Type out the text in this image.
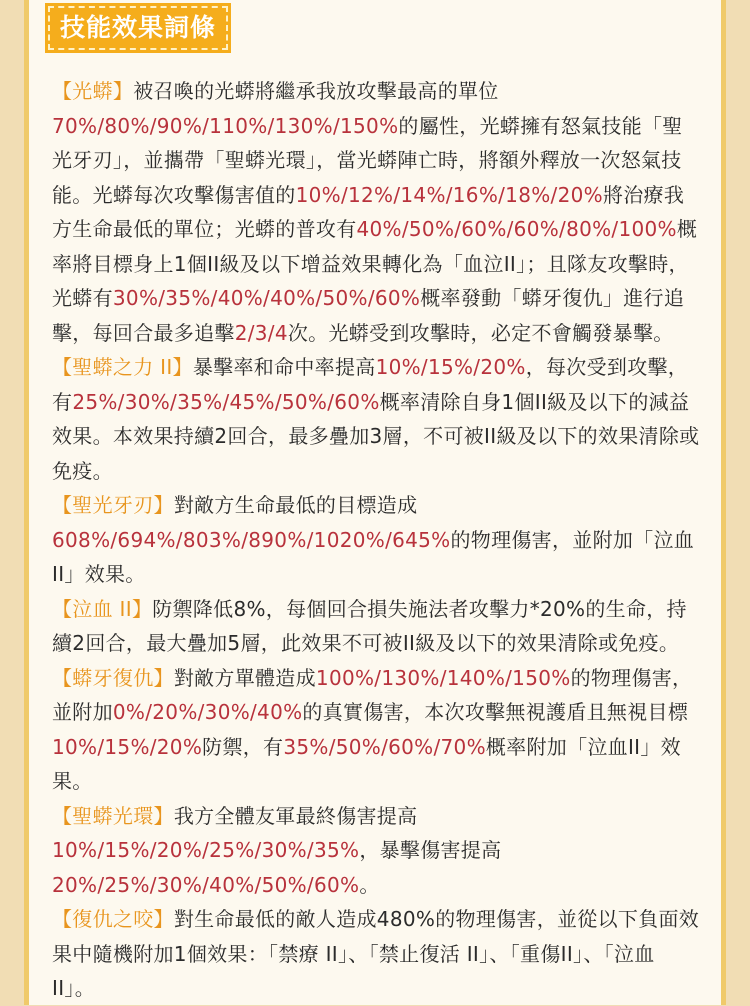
技能效果詞條

【光蟒】被召喚的光蟒將繼承我放攻擊最高的單位70%/80%/90%/110%/130%/150%的屬性，光蟒擁有怒氣技能「聖光牙刃」，並攜帶「聖蟒光環」，當光蟒陣亡時，將額外釋放一次怒氣技能。光蟒每次攻擊傷害值的10%/12%/14%/16%/18%/20%將治療我方生命最低的單位；光蟒的普攻有40%/50%/60%/60%/80%/100%概率將目標身上1個II級及以下增益效果轉化為「血泣II」；且隊友攻擊時，光蟒有30%/35%/40%/40%/50%/60%概率發動「蟒牙復仇」進行追擊，每回合最多追擊2/3/4次。光蟒受到攻擊時，必定不會觸發暴擊。

【聖蟒之力 II】暴擊率和命中率提高10%/15%/20%，每次受到攻擊，有25%/30%/35%/45%/50%/60%概率清除自身1個II級及以下的減益效果。本效果持續2回合，最多疊加3層，不可被II級及以下的效果清除或免疫。

【聖光牙刃】對敵方生命最低的目標造成608%/694%/803%/890%/1020%/645%的物理傷害，並附加「泣血II」效果。

【泣血 II】防禦降低8%，每個回合損失施法者攻擊力*20%的生命，持續2回合，最大疊加5層，此效果不可被II級及以下的效果清除或免疫。

【蟒牙復仇】對敵方單體造成100%/130%/140%/150%的物理傷害，並附加0%/20%/30%/40%的真實傷害，本次攻擊無視護盾且無視目標10%/15%/20%防禦，有35%/50%/60%/70%概率附加「泣血II」效果。

【聖蟒光環】我方全體友軍最終傷害提高10%/15%/20%/25%/30%/35%，暴擊傷害提高20%/25%/30%/40%/50%/60%。

【復仇之咬】對生命最低的敵人造成480%的物理傷害，並從以下負面效果中隨機附加1個效果：「禁療 II」、「禁止復活 II」、「重傷II」、「泣血 II」。
